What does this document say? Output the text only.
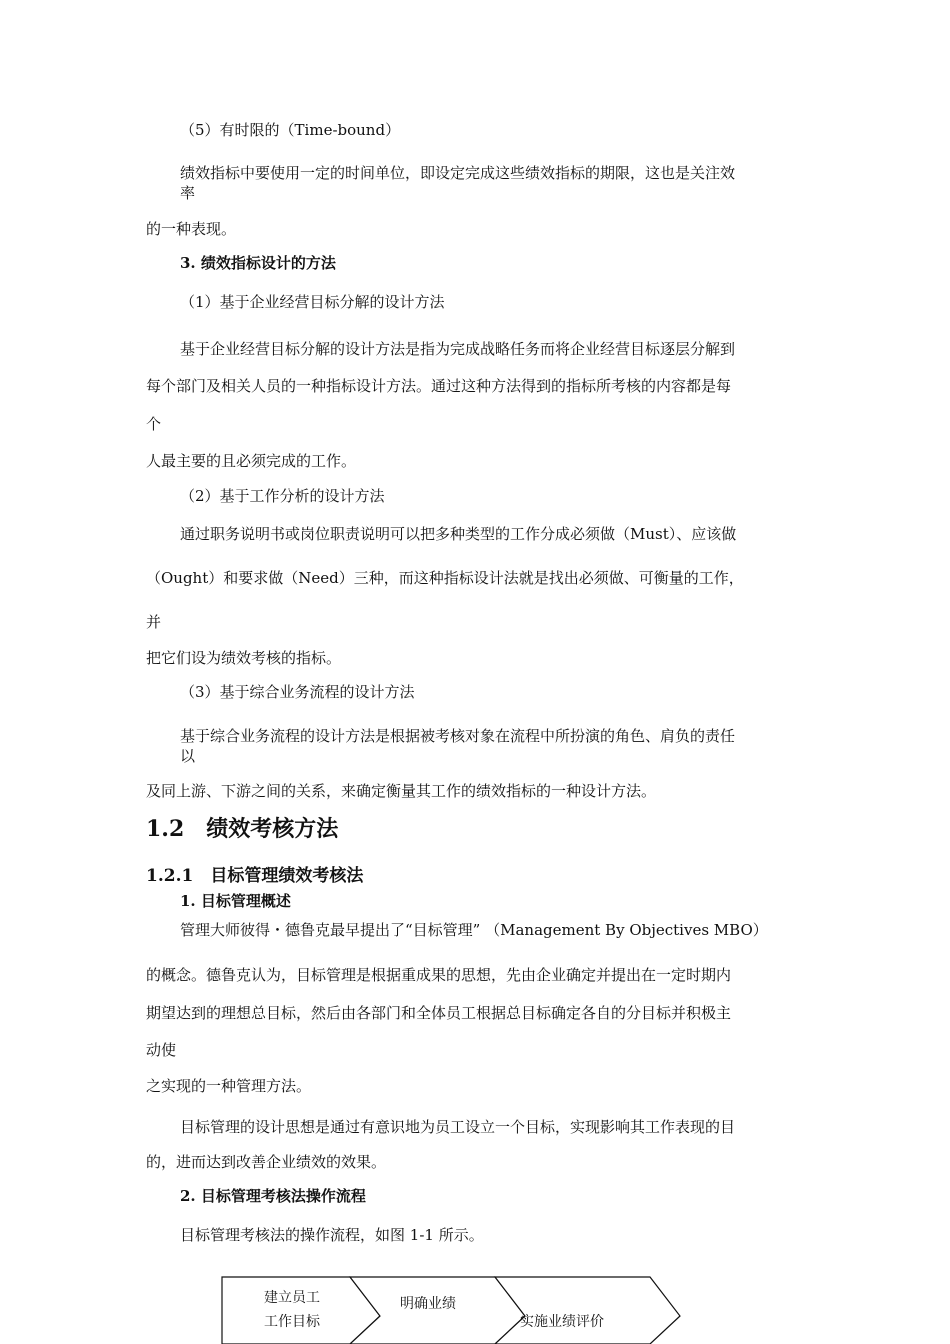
（5）有时限的（Time-bound）
绩效指标中要使用一定的时间单位，即设定完成这些绩效指标的期限，这也是关注效
率
的一种表现。
3. 绩效指标设计的方法
（1）基于企业经营目标分解的设计方法
基于企业经营目标分解的设计方法是指为完成战略任务而将企业经营目标逐层分解到
每个部门及相关人员的一种指标设计方法。通过这种方法得到的指标所考核的内容都是每
个
人最主要的且必须完成的工作。
（2）基于工作分析的设计方法
通过职务说明书或岗位职责说明可以把多种类型的工作分成必须做（Must）、应该做
（Ought）和要求做（Need）三种，而这种指标设计法就是找出必须做、可衡量的工作，
并
把它们设为绩效考核的指标。
（3）基于综合业务流程的设计方法
基于综合业务流程的设计方法是根据被考核对象在流程中所扮演的角色、肩负的责任
以
及同上游、下游之间的关系，来确定衡量其工作的绩效指标的一种设计方法。
1.2　绩效考核方法
1.2.1　目标管理绩效考核法
1. 目标管理概述
管理大师彼得・德鲁克最早提出了“目标管理” （Management By Objectives MBO）
的概念。德鲁克认为，目标管理是根据重成果的思想，先由企业确定并提出在一定时期内
期望达到的理想总目标，然后由各部门和全体员工根据总目标确定各自的分目标并积极主
动使
之实现的一种管理方法。
目标管理的设计思想是通过有意识地为员工设立一个目标，实现影响其工作表现的目
的，进而达到改善企业绩效的效果。
2. 目标管理考核法操作流程
目标管理考核法的操作流程，如图 1-1 所示。
建立员工
工作目标
明确业绩
实施业绩评价
